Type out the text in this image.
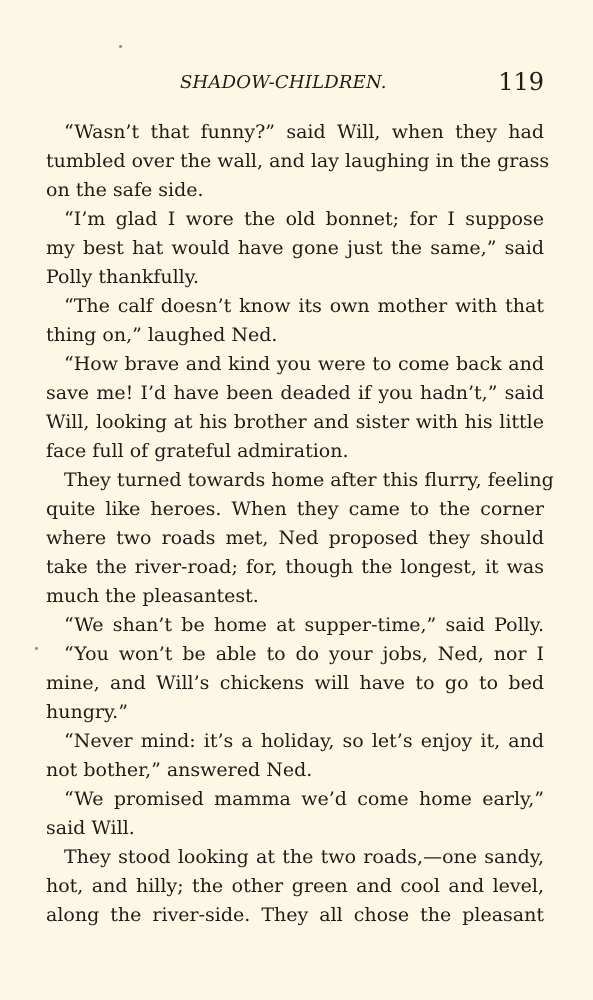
SHADOW-CHILDREN.	119
“Wasn’t that funny?” said Will, when they had
tumbled over the wall, and lay laughing in the grass
on the safe side.
“I’m glad I wore the old bonnet; for I suppose
my best hat would have gone just the same,” said
Polly thankfully.
“The calf doesn’t know its own mother with that
thing on,” laughed Ned.
“How brave and kind you were to come back and
save me! I’d have been deaded if you hadn’t,” said
Will, looking at his brother and sister with his little
face full of grateful admiration.
They turned towards home after this flurry, feeling
quite like heroes. When they came to the corner
where two roads met, Ned proposed they should
take the river-road; for, though the longest, it was
much the pleasantest.
“We shan’t be home at supper-time,” said Polly.
“You won’t be able to do your jobs, Ned, nor I
mine, and Will’s chickens will have to go to bed
hungry.”
“Never mind: it’s a holiday, so let’s enjoy it, and
not bother,” answered Ned.
“We promised mamma we’d come home early,”
said Will.
They stood looking at the two roads,—one sandy,
hot, and hilly; the other green and cool and level,
along the river-side. They all chose the pleasant
